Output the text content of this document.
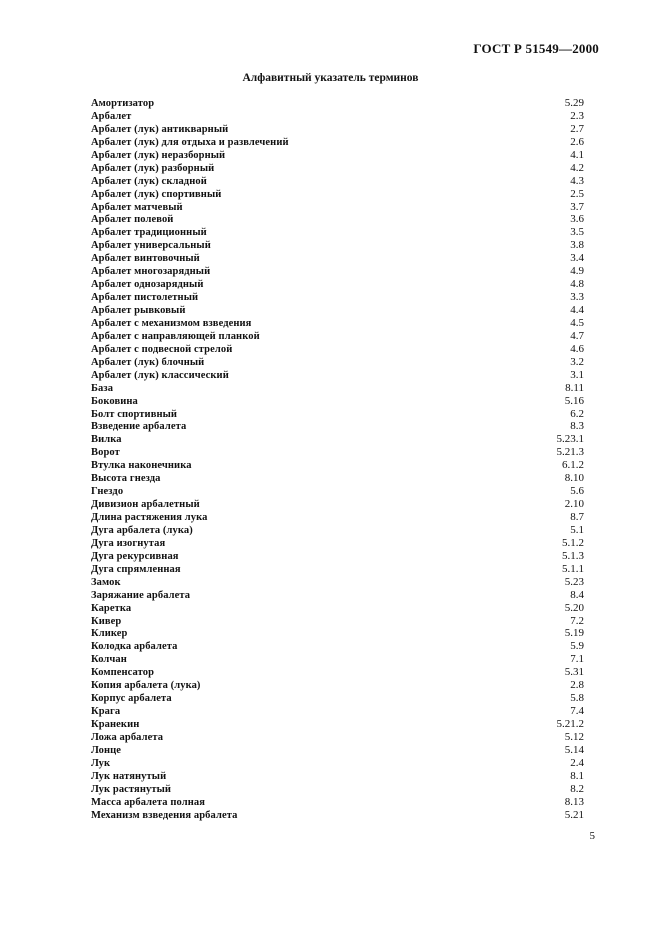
ГОСТ Р 51549—2000
Алфавитный указатель терминов
Амортизатор	5.29
Арбалет	2.3
Арбалет (лук) антикварный	2.7
Арбалет (лук) для отдыха и развлечений	2.6
Арбалет (лук) неразборный	4.1
Арбалет (лук) разборный	4.2
Арбалет (лук) складной	4.3
Арбалет (лук) спортивный	2.5
Арбалет матчевый	3.7
Арбалет полевой	3.6
Арбалет традиционный	3.5
Арбалет универсальный	3.8
Арбалет винтовочный	3.4
Арбалет многозарядный	4.9
Арбалет однозарядный	4.8
Арбалет пистолетный	3.3
Арбалет рывковый	4.4
Арбалет с механизмом взведения	4.5
Арбалет с направляющей планкой	4.7
Арбалет с подвесной стрелой	4.6
Арбалет (лук) блочный	3.2
Арбалет (лук) классический	3.1
База	8.11
Боковина	5.16
Болт спортивный	6.2
Взведение арбалета	8.3
Вилка	5.23.1
Ворот	5.21.3
Втулка наконечника	6.1.2
Высота гнезда	8.10
Гнездо	5.6
Дивизион арбалетный	2.10
Длина растяжения лука	8.7
Дуга арбалета (лука)	5.1
Дуга изогнутая	5.1.2
Дуга рекурсивная	5.1.3
Дуга спрямленная	5.1.1
Замок	5.23
Заряжание арбалета	8.4
Каретка	5.20
Кивер	7.2
Кликер	5.19
Колодка арбалета	5.9
Колчан	7.1
Компенсатор	5.31
Копия арбалета (лука)	2.8
Корпус арбалета	5.8
Крага	7.4
Кранекин	5.21.2
Ложа арбалета	5.12
Лонце	5.14
Лук	2.4
Лук натянутый	8.1
Лук растянутый	8.2
Масса арбалета полная	8.13
Механизм взведения арбалета	5.21
5
